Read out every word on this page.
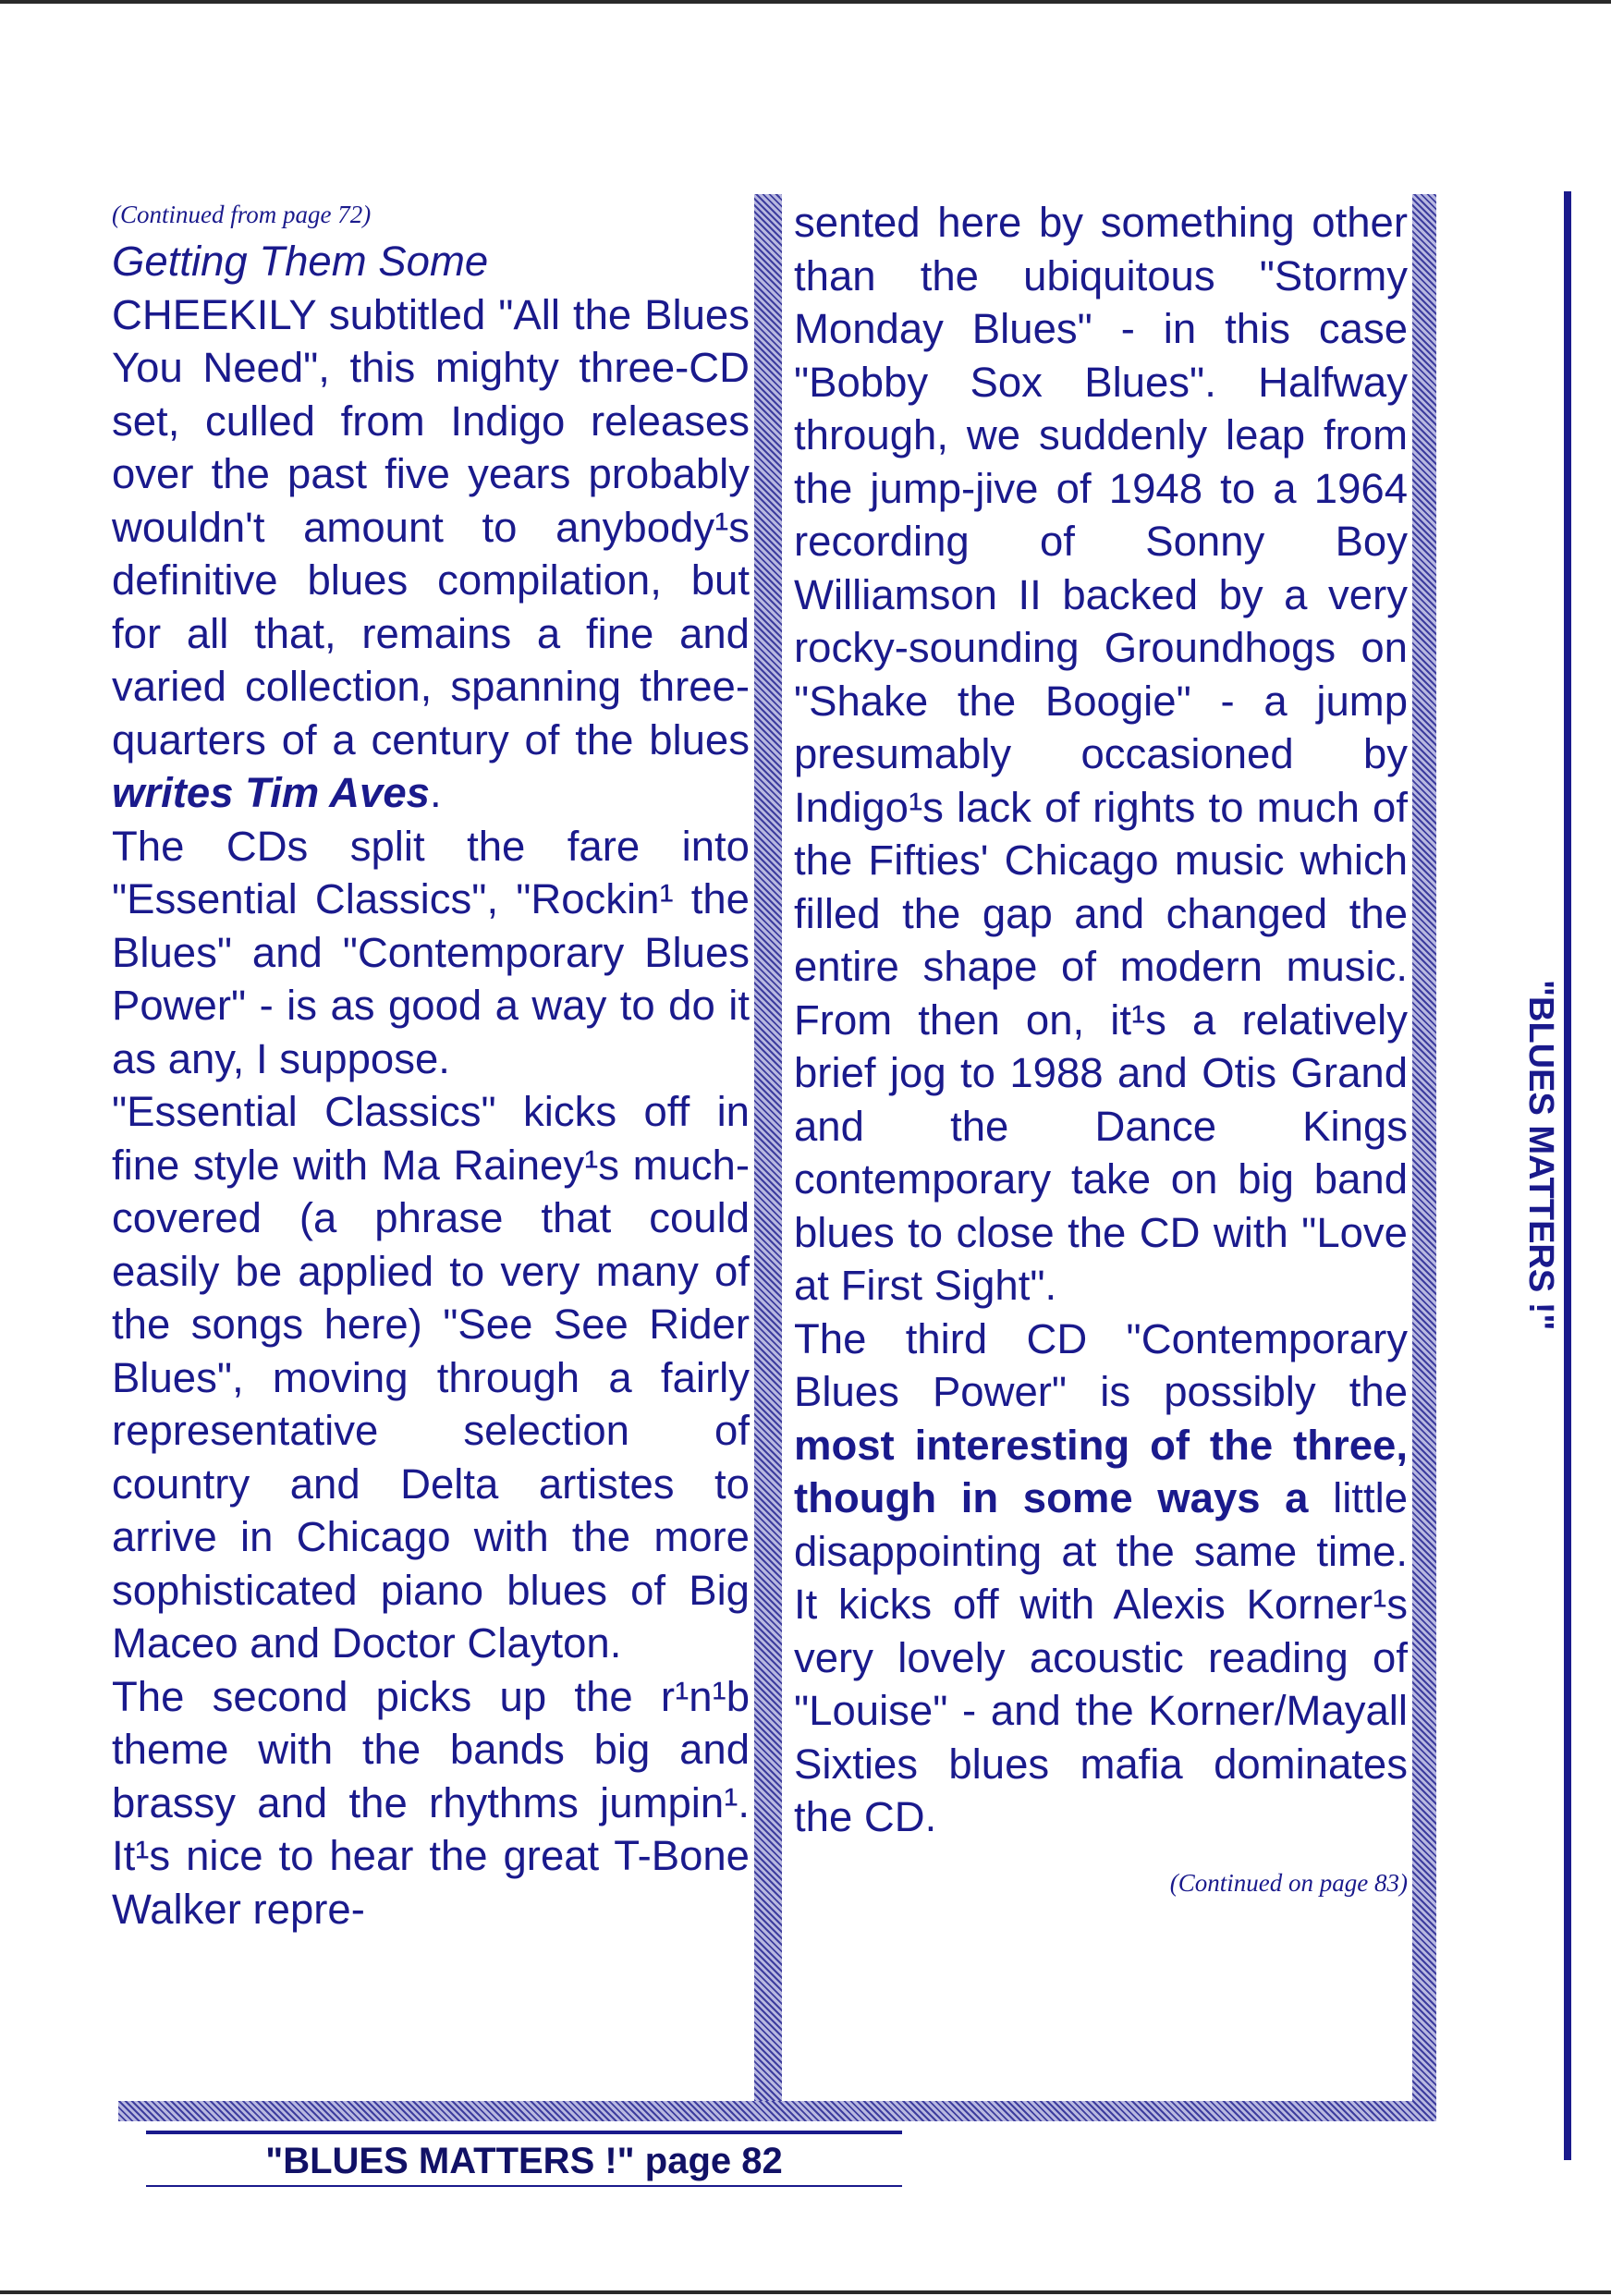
(Continued from page 72)
Getting Them Some

CHEEKILY subtitled "All the Blues You Need", this mighty three-CD set, culled from Indigo releases over the past five years probably wouldn't amount to anybody¹s definitive blues compilation, but for all that, remains a fine and varied collection, spanning three-quarters of a century of the blues writes Tim Aves.

The CDs split the fare into "Essential Classics", "Rockin¹ the Blues" and "Contemporary Blues Power" - is as good a way to do it as any, I suppose.

"Essential Classics" kicks off in fine style with Ma Rainey¹s much-covered (a phrase that could easily be applied to very many of the songs here) "See See Rider Blues", moving through a fairly representative selection of country and Delta artistes to arrive in Chicago with the more sophisticated piano blues of Big Maceo and Doctor Clayton.

The second picks up the r¹n¹b theme with the bands big and brassy and the rhythms jumpin¹. It¹s nice to hear the great T-Bone Walker repre-

sented here by something other than the ubiquitous "Stormy Monday Blues" - in this case "Bobby Sox Blues". Halfway through, we suddenly leap from the jump-jive of 1948 to a 1964 recording of Sonny Boy Williamson II backed by a very rocky-sounding Groundhogs on "Shake the Boogie" - a jump presumably occasioned by Indigo¹s lack of rights to much of the Fifties' Chicago music which filled the gap and changed the entire shape of modern music. From then on, it¹s a relatively brief jog to 1988 and Otis Grand and the Dance Kings contemporary take on big band blues to close the CD with "Love at First Sight".

The third CD "Contemporary Blues Power" is possibly the most interesting of the three, though in some ways a little disappointing at the same time. It kicks off with Alexis Korner¹s very lovely acoustic reading of "Louise" - and the Korner/Mayall Sixties blues mafia dominates the CD.

(Continued on page 83)
"BLUES MATTERS !" page 82
"BLUES MATTERS !"
